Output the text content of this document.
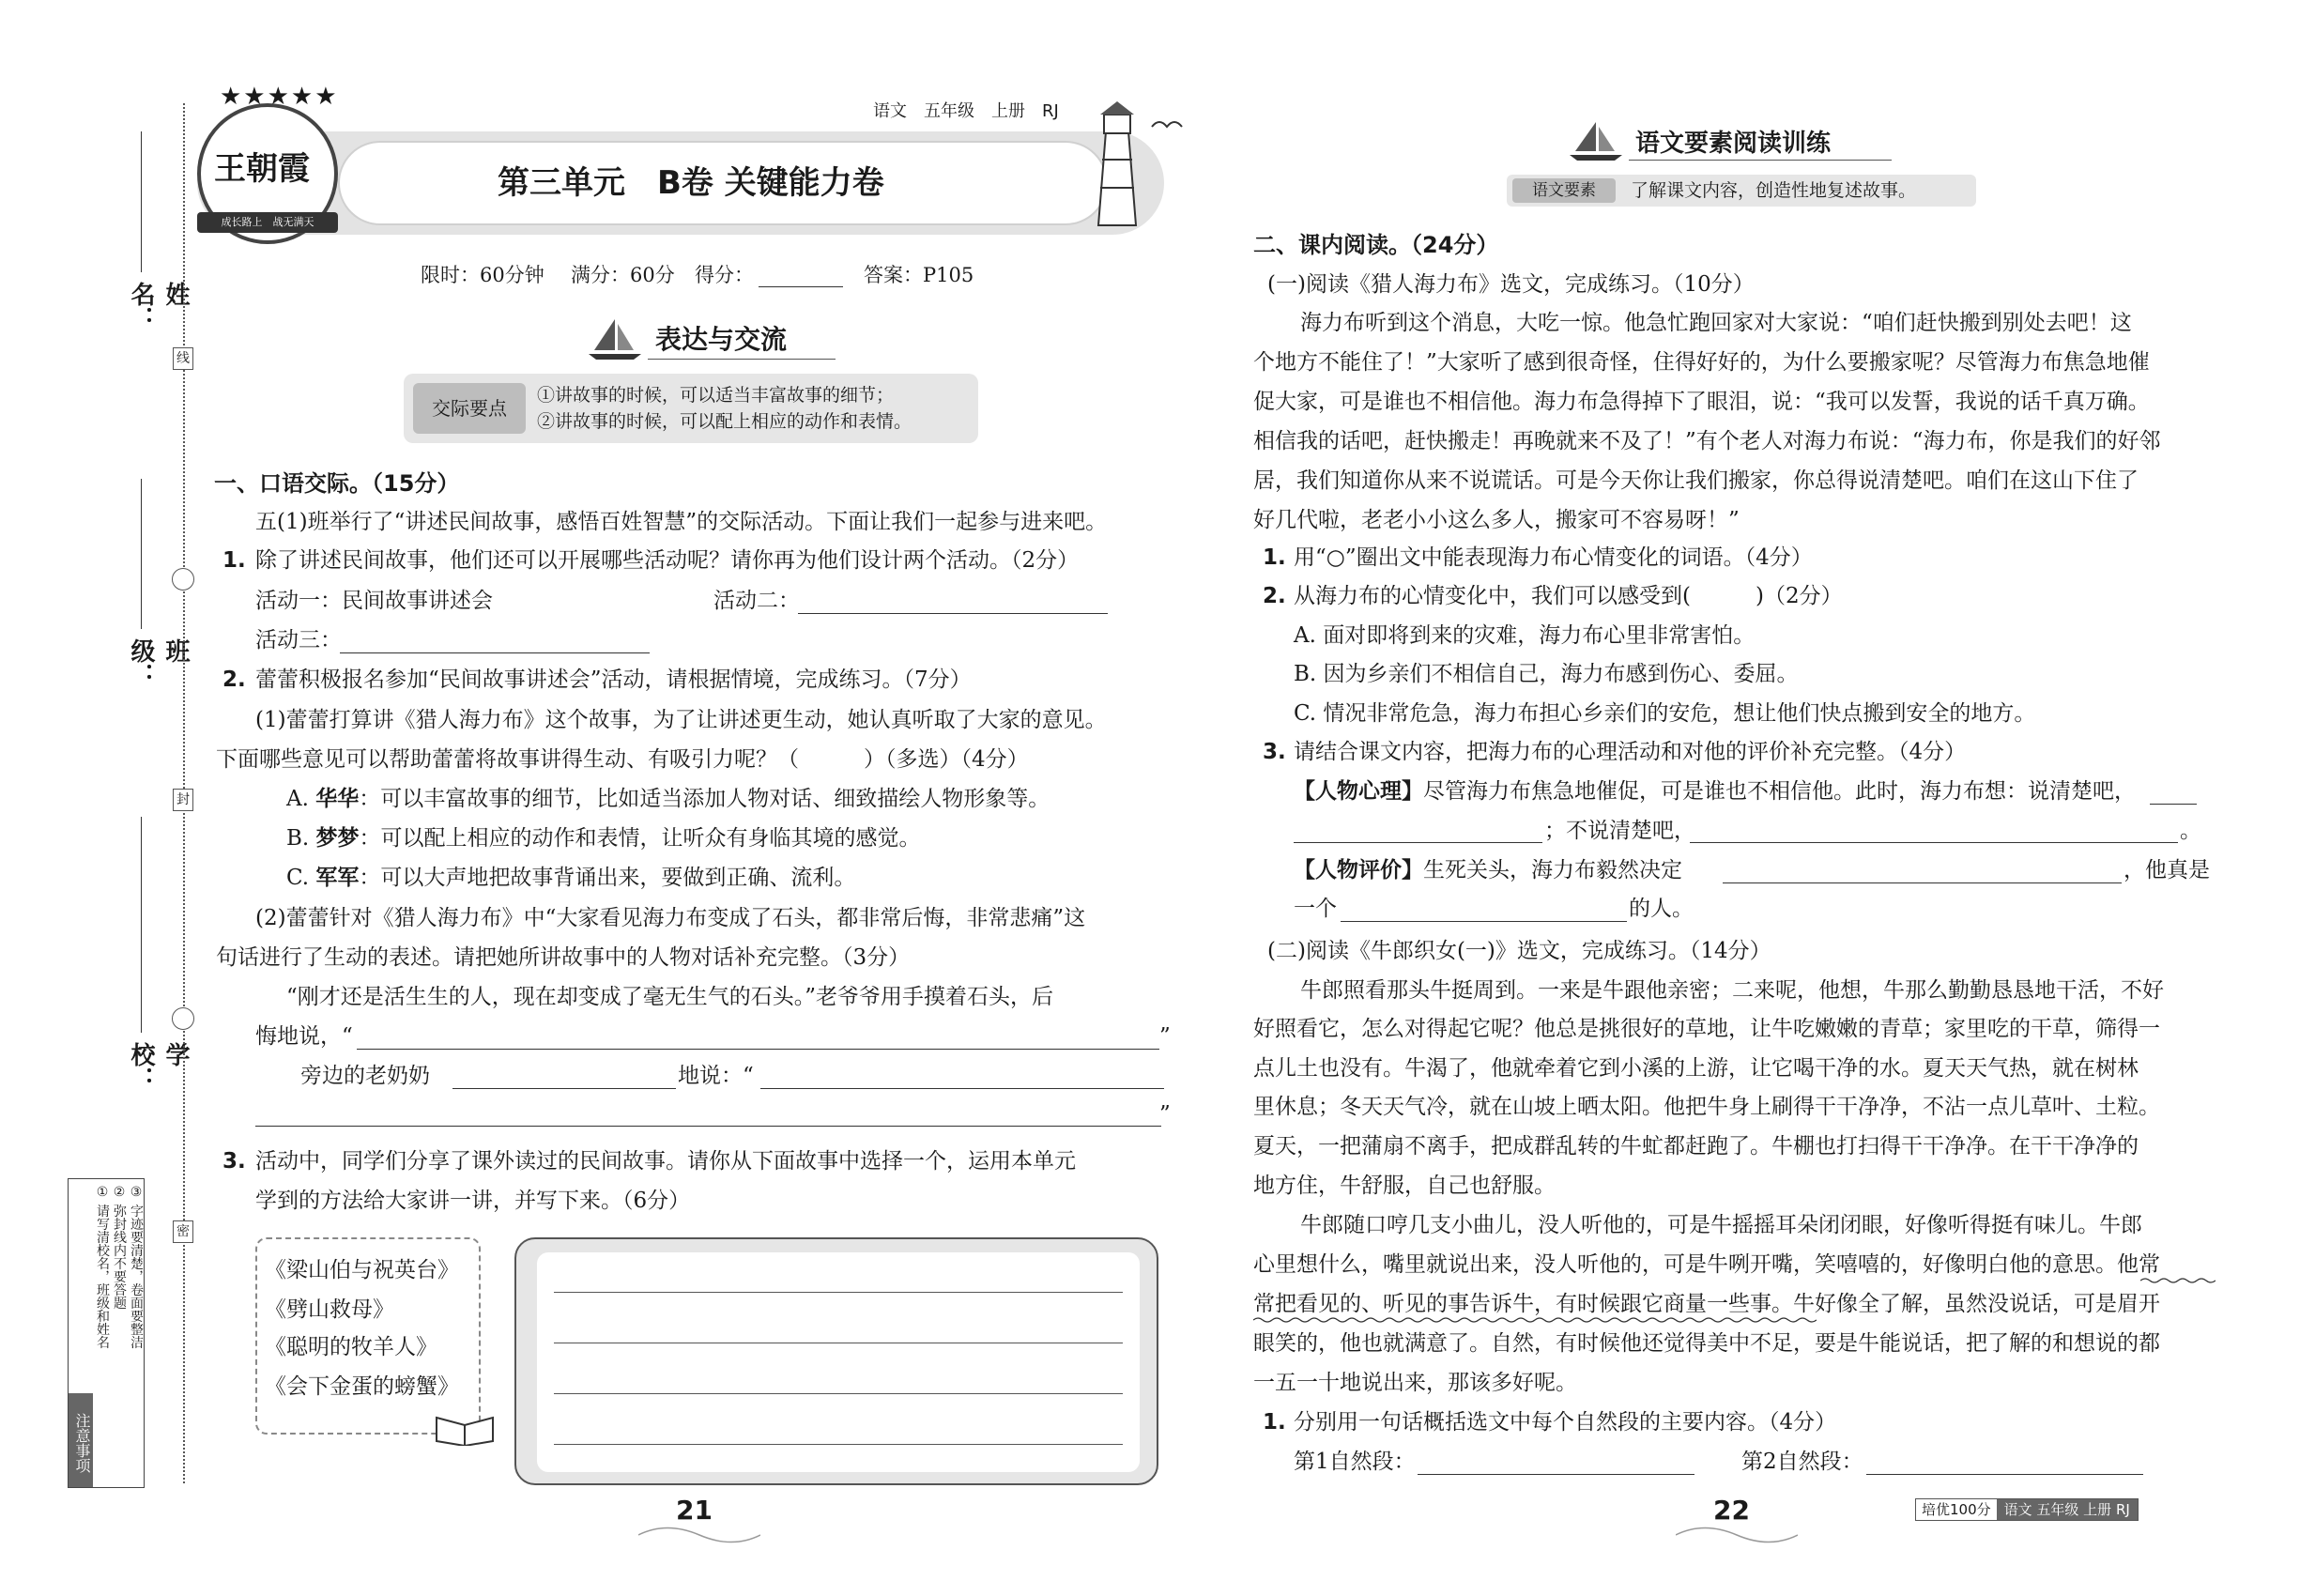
姓 名：
班 级：
学 校：
线
封
密
注意事项
① 请写清校名，班级和姓名 ② 弥封线内不要答题 ③ 字迹要清楚，卷面要整洁
语文　五年级　上册　RJ
★★★★★
王朝霞
成长路上　战无满天
第三单元　B卷 关键能力卷
限时：60分钟 满分：60分 得分：	答案：P105
表达与交流
交际要点
①讲故事的时候，可以适当丰富故事的细节；
②讲故事的时候，可以配上相应的动作和表情。
一、口语交际。（15分）
五(1)班举行了“讲述民间故事，感悟百姓智慧”的交际活动。下面让我们一起参与进来吧。
1. 除了讲述民间故事，他们还可以开展哪些活动呢？请你再为他们设计两个活动。（2分）
活动一：民间故事讲述会	活动二：
活动三：
2. 蕾蕾积极报名参加“民间故事讲述会”活动，请根据情境，完成练习。（7分）
(1)蕾蕾打算讲《猎人海力布》这个故事，为了让讲述更生动，她认真听取了大家的意见。
下面哪些意见可以帮助蕾蕾将故事讲得生动、有吸引力呢？（　　　）（多选）（4分）
A. 华华：可以丰富故事的细节，比如适当添加人物对话、细致描绘人物形象等。
B. 梦梦：可以配上相应的动作和表情，让听众有身临其境的感觉。
C. 军军：可以大声地把故事背诵出来，要做到正确、流利。
(2)蕾蕾针对《猎人海力布》中“大家看见海力布变成了石头，都非常后悔，非常悲痛”这
句话进行了生动的表述。请把她所讲故事中的人物对话补充完整。（3分）
“刚才还是活生生的人，现在却变成了毫无生气的石头。”老爷爷用手摸着石头，后
悔地说，“	”
旁边的老奶奶	地说：“
”
3. 活动中，同学们分享了课外读过的民间故事。请你从下面故事中选择一个，运用本单元
学到的方法给大家讲一讲，并写下来。（6分）
《梁山伯与祝英台》
《劈山救母》
《聪明的牧羊人》
《会下金蛋的螃蟹》
21
语文要素阅读训练
语文要素	了解课文内容，创造性地复述故事。
二、课内阅读。（24分）
(一)阅读《猎人海力布》选文，完成练习。（10分）
海力布听到这个消息，大吃一惊。他急忙跑回家对大家说：“咱们赶快搬到别处去吧！这
个地方不能住了！”大家听了感到很奇怪，住得好好的，为什么要搬家呢？尽管海力布焦急地催
促大家，可是谁也不相信他。海力布急得掉下了眼泪，说：“我可以发誓，我说的话千真万确。
相信我的话吧，赶快搬走！再晚就来不及了！”有个老人对海力布说：“海力布，你是我们的好邻
居，我们知道你从来不说谎话。可是今天你让我们搬家，你总得说清楚吧。咱们在这山下住了
好几代啦，老老小小这么多人，搬家可不容易呀！”
1. 用“○”圈出文中能表现海力布心情变化的词语。（4分）
2. 从海力布的心情变化中，我们可以感受到(　　　)（2分）
A. 面对即将到来的灾难，海力布心里非常害怕。
B. 因为乡亲们不相信自己，海力布感到伤心、委屈。
C. 情况非常危急，海力布担心乡亲们的安危，想让他们快点搬到安全的地方。
3. 请结合课文内容，把海力布的心理活动和对他的评价补充完整。（4分）
【人物心理】尽管海力布焦急地催促，可是谁也不相信他。此时，海力布想：说清楚吧，
；不说清楚吧，	。
【人物评价】生死关头，海力布毅然决定	，他真是
一个	的人。
(二)阅读《牛郎织女(一)》选文，完成练习。（14分）
牛郎照看那头牛挺周到。一来是牛跟他亲密；二来呢，他想，牛那么勤勤恳恳地干活，不好
好照看它，怎么对得起它呢？他总是挑很好的草地，让牛吃嫩嫩的青草；家里吃的干草，筛得一
点儿土也没有。牛渴了，他就牵着它到小溪的上游，让它喝干净的水。夏天天气热，就在树林
里休息；冬天天气冷，就在山坡上晒太阳。他把牛身上刷得干干净净，不沾一点儿草叶、土粒。
夏天，一把蒲扇不离手，把成群乱转的牛虻都赶跑了。牛棚也打扫得干干净净。在干干净净的
地方住，牛舒服，自己也舒服。
牛郎随口哼几支小曲儿，没人听他的，可是牛摇摇耳朵闭闭眼，好像听得挺有味儿。牛郎
心里想什么，嘴里就说出来，没人听他的，可是牛咧开嘴，笑嘻嘻的，好像明白他的意思。他常
常把看见的、听见的事告诉牛，有时候跟它商量一些事。牛好像全了解，虽然没说话，可是眉开
眼笑的，他也就满意了。自然，有时候他还觉得美中不足，要是牛能说话，把了解的和想说的都
一五一十地说出来，那该多好呢。
1. 分别用一句话概括选文中每个自然段的主要内容。（4分）
第1自然段：	第2自然段：
22	培优100分 语文 五年级 上册 RJ
